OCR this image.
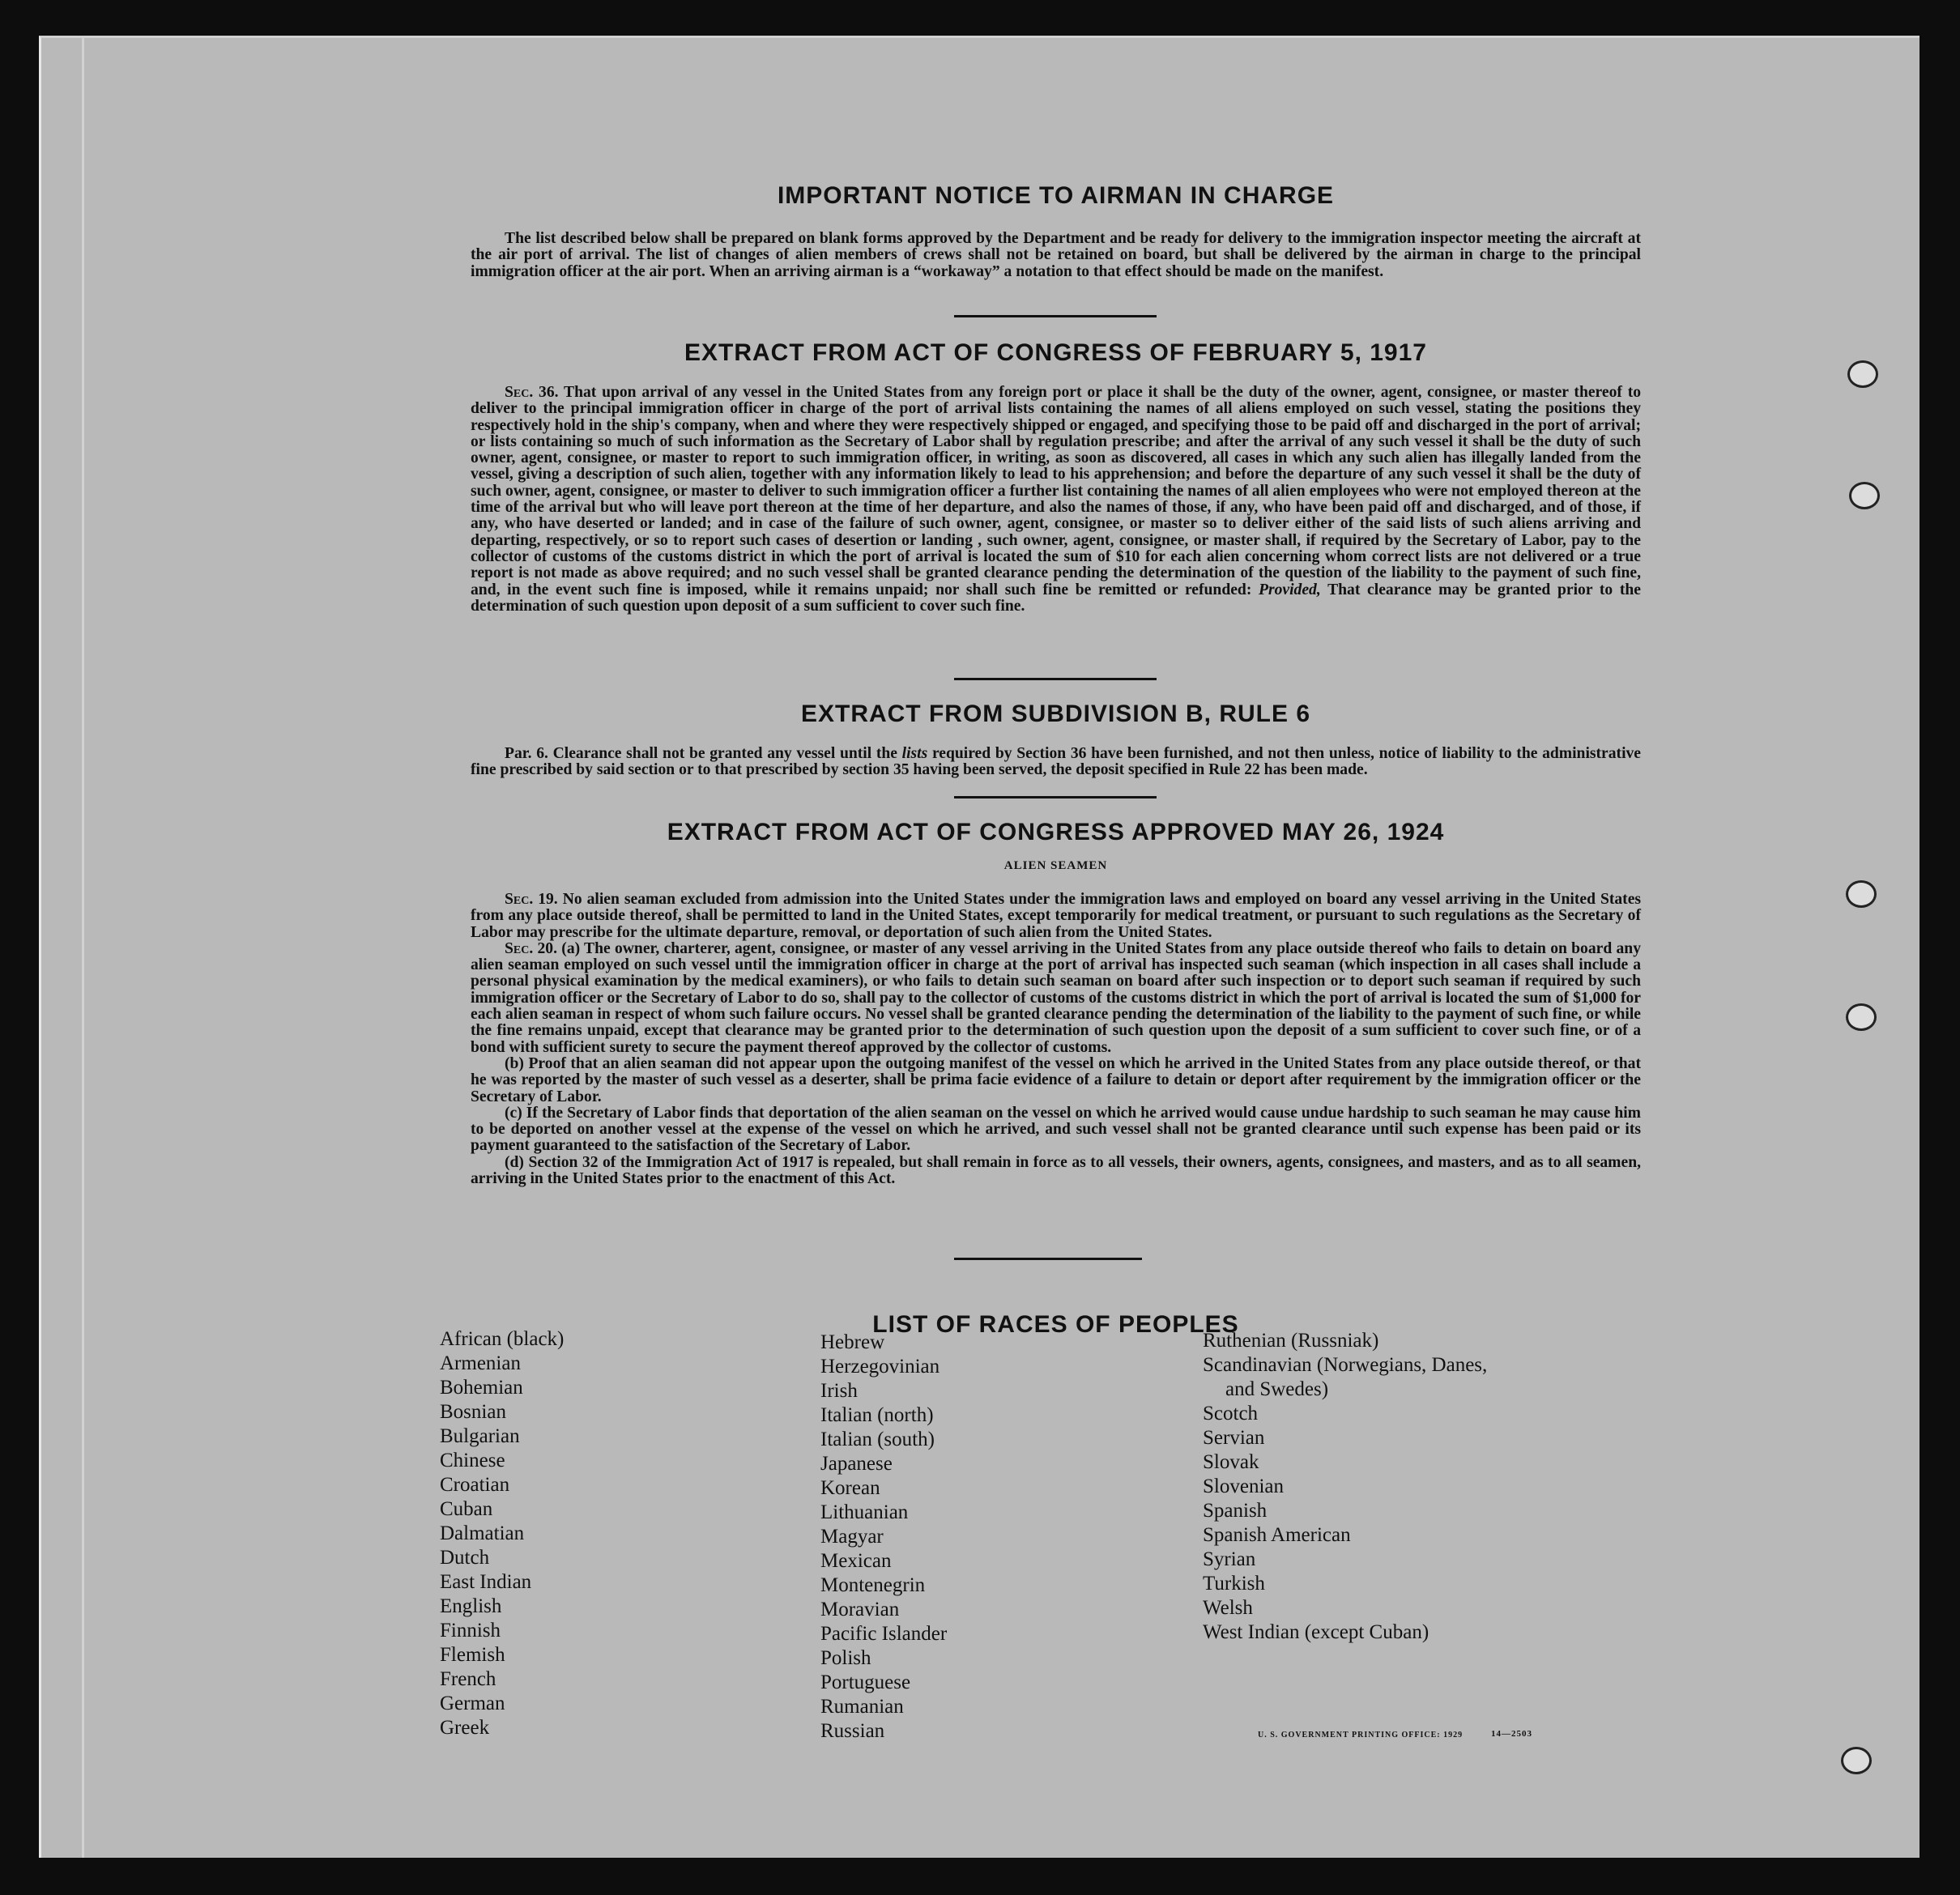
IMPORTANT NOTICE TO AIRMAN IN CHARGE

The list described below shall be prepared on blank forms approved by the Department and be ready for delivery to the immigration inspector meeting the aircraft at the air port of arrival. The list of changes of alien members of crews shall not be retained on board, but shall be delivered by the airman in charge to the principal immigration officer at the air port. When an arriving airman is a “workaway” a notation to that effect should be made on the manifest.

EXTRACT FROM ACT OF CONGRESS OF FEBRUARY 5, 1917

Sec. 36. That upon arrival of any vessel in the United States from any foreign port or place it shall be the duty of the owner, agent, consignee, or master thereof to deliver to the principal immigration officer in charge of the port of arrival lists containing the names of all aliens employed on such vessel, stating the positions they respectively hold in the ship's company, when and where they were respectively shipped or engaged, and specifying those to be paid off and discharged in the port of arrival; or lists containing so much of such information as the Secretary of Labor shall by regulation prescribe; and after the arrival of any such vessel it shall be the duty of such owner, agent, consignee, or master to report to such immigration officer, in writing, as soon as discovered, all cases in which any such alien has illegally landed from the vessel, giving a description of such alien, together with any information likely to lead to his apprehension; and before the departure of any such vessel it shall be the duty of such owner, agent, consignee, or master to deliver to such immigration officer a further list containing the names of all alien employees who were not employed thereon at the time of the arrival but who will leave port thereon at the time of her departure, and also the names of those, if any, who have been paid off and discharged, and of those, if any, who have deserted or landed; and in case of the failure of such owner, agent, consignee, or master so to deliver either of the said lists of such aliens arriving and departing, respectively, or so to report such cases of desertion or landing , such owner, agent, consignee, or master shall, if required by the Secretary of Labor, pay to the collector of customs of the customs district in which the port of arrival is located the sum of $10 for each alien concerning whom correct lists are not delivered or a true report is not made as above required; and no such vessel shall be granted clearance pending the determination of the question of the liability to the payment of such fine, and, in the event such fine is imposed, while it remains unpaid; nor shall such fine be remitted or refunded: Provided, That clearance may be granted prior to the determination of such question upon deposit of a sum sufficient to cover such fine.

EXTRACT FROM SUBDIVISION B, RULE 6

Par. 6. Clearance shall not be granted any vessel until the lists required by Section 36 have been furnished, and not then unless, notice of liability to the administrative fine prescribed by said section or to that prescribed by section 35 having been served, the deposit specified in Rule 22 has been made.

EXTRACT FROM ACT OF CONGRESS APPROVED MAY 26, 1924

ALIEN SEAMEN

Sec. 19. No alien seaman excluded from admission into the United States under the immigration laws and employed on board any vessel arriving in the United States from any place outside thereof, shall be permitted to land in the United States, except temporarily for medical treatment, or pursuant to such regulations as the Secretary of Labor may prescribe for the ultimate departure, removal, or deportation of such alien from the United States.

Sec. 20. (a) The owner, charterer, agent, consignee, or master of any vessel arriving in the United States from any place outside thereof who fails to detain on board any alien seaman employed on such vessel until the immigration officer in charge at the port of arrival has inspected such seaman (which inspection in all cases shall include a personal physical examination by the medical examiners), or who fails to detain such seaman on board after such inspection or to deport such seaman if required by such immigration officer or the Secretary of Labor to do so, shall pay to the collector of customs of the customs district in which the port of arrival is located the sum of $1,000 for each alien seaman in respect of whom such failure occurs. No vessel shall be granted clearance pending the determination of the liability to the payment of such fine, or while the fine remains unpaid, except that clearance may be granted prior to the determination of such question upon the deposit of a sum sufficient to cover such fine, or of a bond with sufficient surety to secure the payment thereof approved by the collector of customs.

(b) Proof that an alien seaman did not appear upon the outgoing manifest of the vessel on which he arrived in the United States from any place outside thereof, or that he was reported by the master of such vessel as a deserter, shall be prima facie evidence of a failure to detain or deport after requirement by the immigration officer or the Secretary of Labor.

(c) If the Secretary of Labor finds that deportation of the alien seaman on the vessel on which he arrived would cause undue hardship to such seaman he may cause him to be deported on another vessel at the expense of the vessel on which he arrived, and such vessel shall not be granted clearance until such expense has been paid or its payment guaranteed to the satisfaction of the Secretary of Labor.

(d) Section 32 of the Immigration Act of 1917 is repealed, but shall remain in force as to all vessels, their owners, agents, consignees, and masters, and as to all seamen, arriving in the United States prior to the enactment of this Act.

LIST OF RACES OF PEOPLES
African (black)
Armenian
Bohemian
Bosnian
Bulgarian
Chinese
Croatian
Cuban
Dalmatian
Dutch
East Indian
English
Finnish
Flemish
French
German
Greek
Hebrew
Herzegovinian
Irish
Italian (north)
Italian (south)
Japanese
Korean
Lithuanian
Magyar
Mexican
Montenegrin
Moravian
Pacific Islander
Polish
Portuguese
Rumanian
Russian
Ruthenian (Russniak)
Scandinavian (Norwegians, Danes,
and Swedes)
Scotch
Servian
Slovak
Slovenian
Spanish
Spanish American
Syrian
Turkish
Welsh
West Indian (except Cuban)
U. S. GOVERNMENT PRINTING OFFICE: 1929	14—2503
